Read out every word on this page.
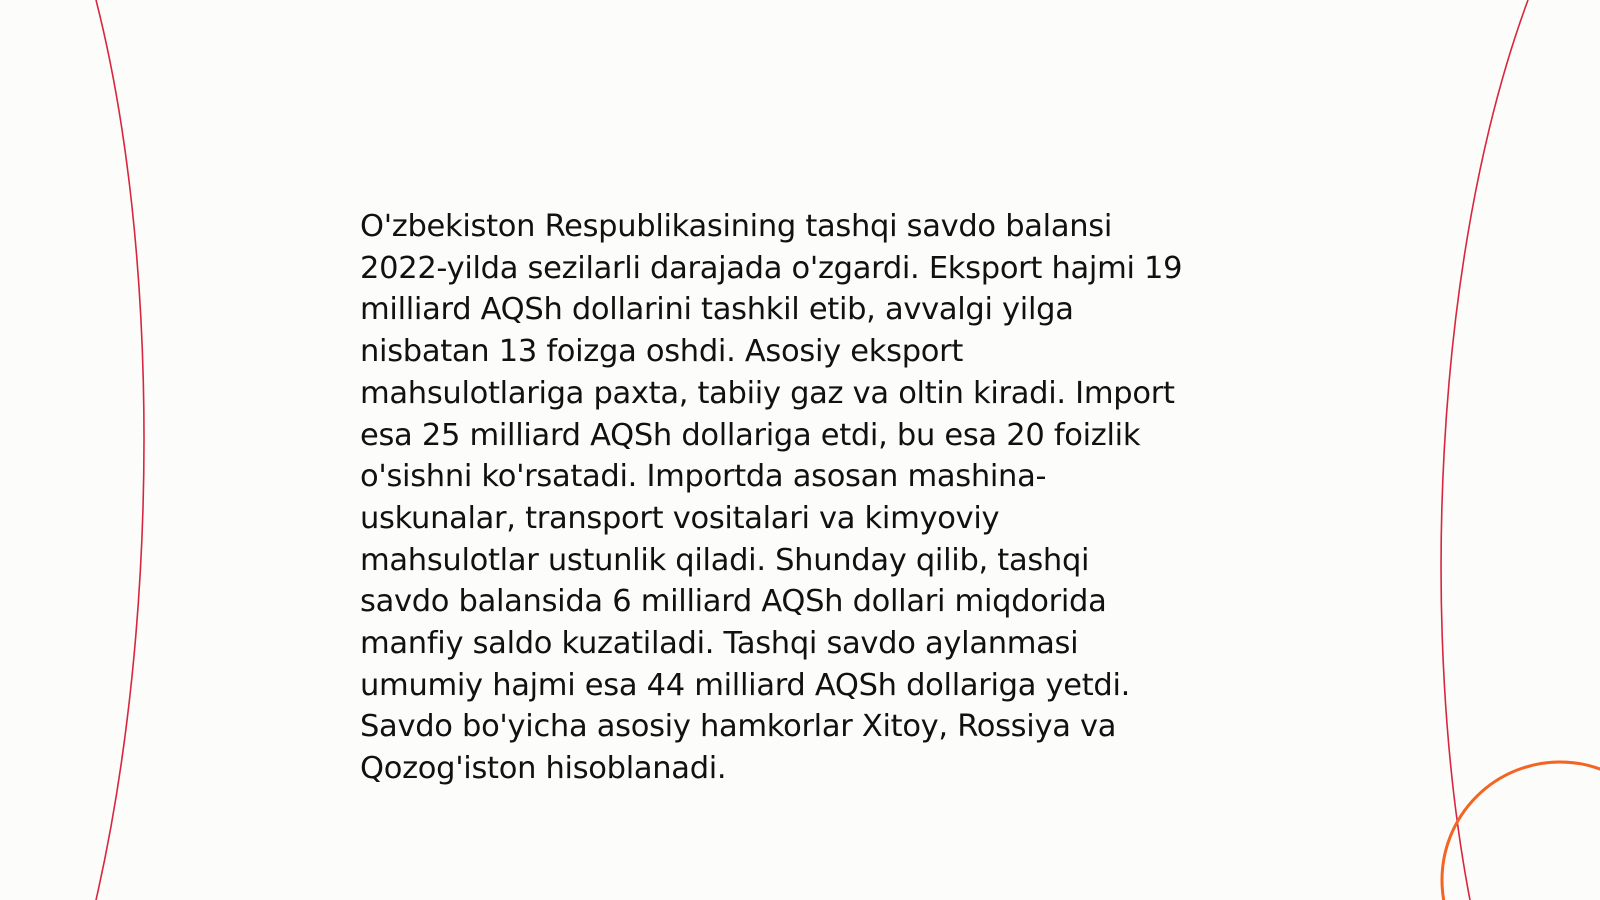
O'zbekiston Respublikasining tashqi savdo balansi
2022-yilda sezilarli darajada o'zgardi. Eksport hajmi 19
milliard AQSh dollarini tashkil etib, avvalgi yilga
nisbatan 13 foizga oshdi. Asosiy eksport
mahsulotlariga paxta, tabiiy gaz va oltin kiradi. Import
esa 25 milliard AQSh dollariga etdi, bu esa 20 foizlik
o'sishni ko'rsatadi. Importda asosan mashina-
uskunalar, transport vositalari va kimyoviy
mahsulotlar ustunlik qiladi. Shunday qilib, tashqi
savdo balansida 6 milliard AQSh dollari miqdorida
manfiy saldo kuzatiladi. Tashqi savdo aylanmasi
umumiy hajmi esa 44 milliard AQSh dollariga yetdi.
Savdo bo'yicha asosiy hamkorlar Xitoy, Rossiya va
Qozog'iston hisoblanadi.
